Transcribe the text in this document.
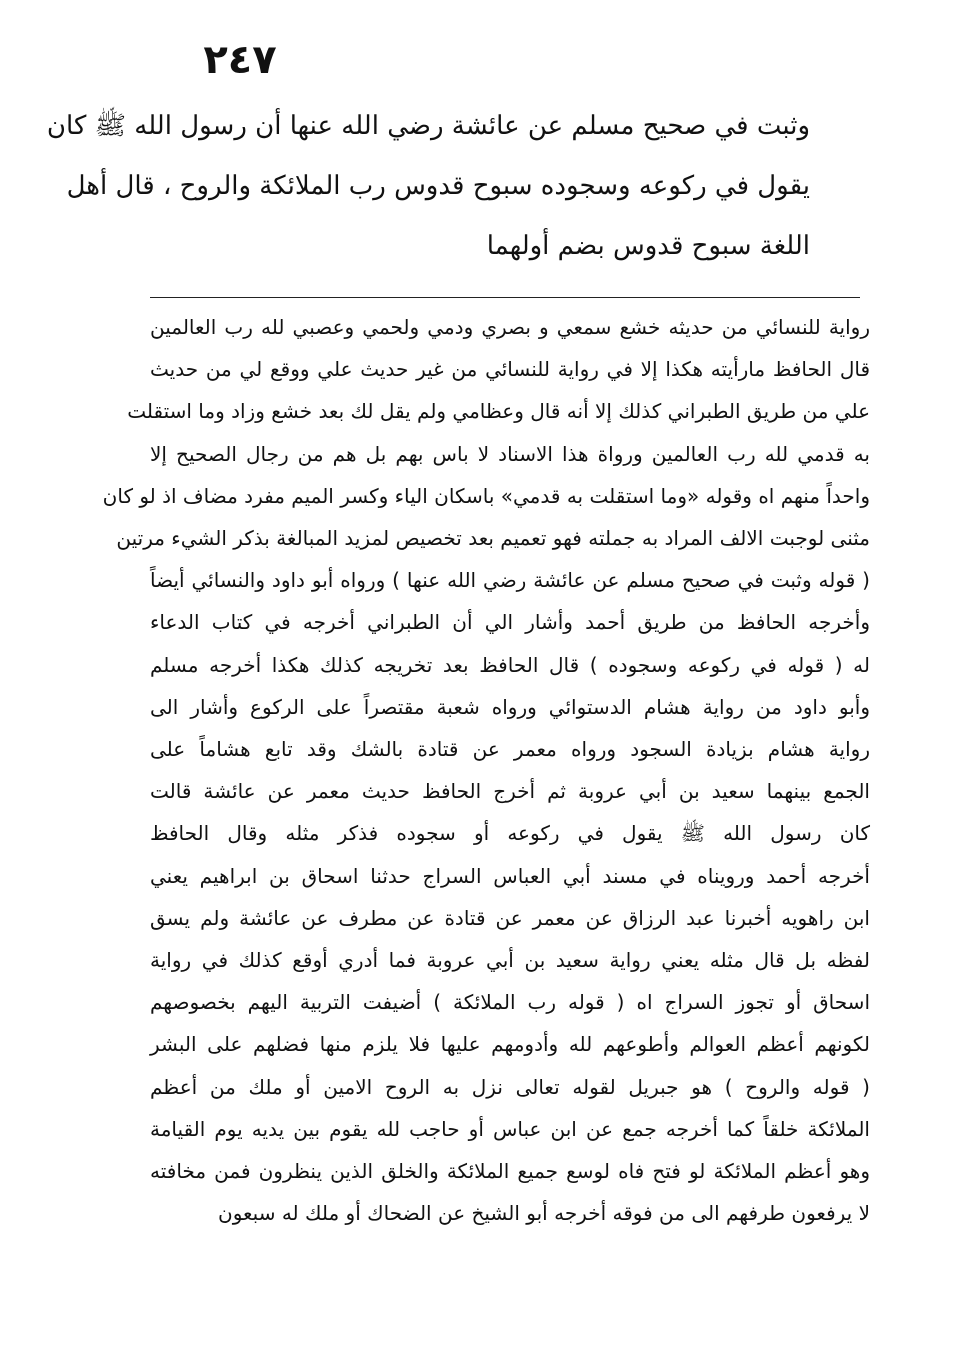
٢٤٧
وثبت في صحيح مسلم عن عائشة رضي الله عنها أن رسول الله ﷺ كان
يقول في ركوعه وسجوده سبوح قدوس رب الملائكة والروح ، قال أهل
اللغة سبوح قدوس بضم أولهما
رواية للنسائي من حديثه خشع سمعي و بصري ودمي ولحمي وعصبي لله رب العالمين
قال الحافظ مارأيته هكذا إلا في رواية للنسائي من غير حديث علي ووقع لي من حديث
علي من طريق الطبراني كذلك إلا أنه قال وعظامي ولم يقل لك بعد خشع وزاد وما استقلت
به قدمي لله رب العالمين ورواة هذا الاسناد لا باس بهم بل هم من رجال الصحيح إلا
واحداً منهم اه وقوله «وما استقلت به قدمي» باسكان الياء وكسر الميم مفرد مضاف اذ لو كان
مثنى لوجبت الالف المراد به جملته فهو تعميم بعد تخصيص لمزيد المبالغة بذكر الشيء مرتين
( قوله وثبت في صحيح مسلم عن عائشة رضي الله عنها ) ورواه أبو داود والنسائي أيضاً
وأخرجه الحافظ من طريق أحمد وأشار الي أن الطبراني أخرجه في كتاب الدعاء
له ( قوله في ركوعه وسجوده ) قال الحافظ بعد تخريجه كذلك هكذا أخرجه مسلم
وأبو داود من رواية هشام الدستوائي ورواه شعبة مقتصراً على الركوع وأشار الى
رواية هشام بزيادة السجود ورواه معمر عن قتادة بالشك وقد تابع هشاماً على
الجمع بينهما سعيد بن أبي عروبة ثم أخرج الحافظ حديث معمر عن عائشة قالت
كان رسول الله ﷺ يقول في ركوعه أو سجوده فذكر مثله وقال الحافظ
أخرجه أحمد ورويناه في مسند أبي العباس السراج حدثنا اسحاق بن ابراهيم يعني
ابن راهويه أخبرنا عبد الرزاق عن معمر عن قتادة عن مطرف عن عائشة ولم يسق
لفظه بل قال مثله يعني رواية سعيد بن أبي عروبة فما أدري أوقع كذلك في رواية
اسحاق أو تجوز السراج اه ( قوله رب الملائكة ) أضيفت التربية اليهم بخصوصهم
لكونهم أعظم العوالم وأطوعهم لله وأدومهم عليها فلا يلزم منها فضلهم على البشر
( قوله والروح ) هو جبريل لقوله تعالى نزل به الروح الامين أو ملك من أعظم
الملائكة خلقاً كما أخرجه جمع عن ابن عباس أو حاجب لله يقوم بين يديه يوم القيامة
وهو أعظم الملائكة لو فتح فاه لوسع جميع الملائكة والخلق الذين ينظرون فمن مخافته
لا يرفعون طرفهم الى من فوقه أخرجه أبو الشيخ عن الضحاك أو ملك له سبعون
